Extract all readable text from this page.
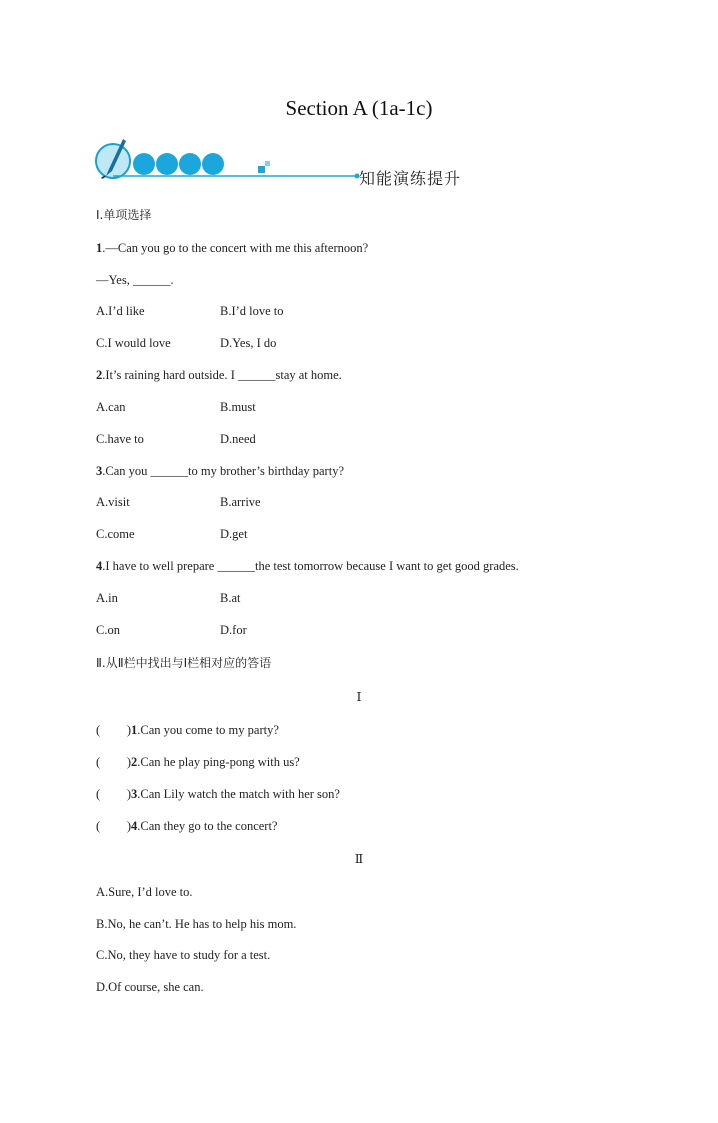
Section A (1a-1c)
知能演练提升
Ⅰ.单项选择
1.—Can you go to the concert with me this afternoon?
—Yes, ______.
A.I’d like	B.I’d love to
C.I would love	D.Yes, I do
2.It’s raining hard outside. I ______stay at home.
A.can	B.must
C.have to	D.need
3.Can you ______to my brother’s birthday party?
A.visit	B.arrive
C.come	D.get
4.I have to well prepare ______the test tomorrow because I want to get good grades.
A.in	B.at
C.on	D.for
Ⅱ.从Ⅱ栏中找出与Ⅰ栏相对应的答语
Ⅰ
( ) 1.Can you come to my party?
( ) 2.Can he play ping-pong with us?
( ) 3.Can Lily watch the match with her son?
( ) 4.Can they go to the concert?
Ⅱ
A.Sure, I’d love to.
B.No, he can’t. He has to help his mom.
C.No, they have to study for a test.
D.Of course, she can.
